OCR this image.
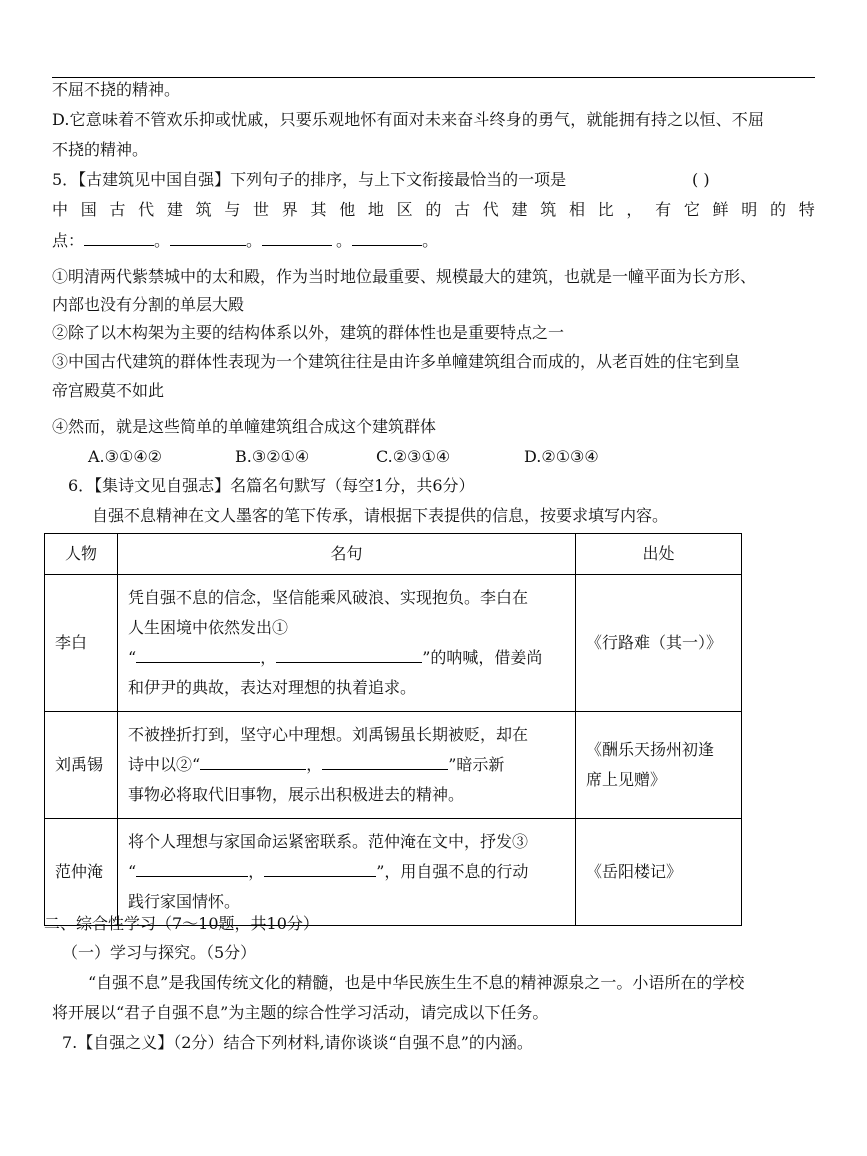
不屈不挠的精神。
D.它意味着不管欢乐抑或忧戚，只要乐观地怀有面对未来奋斗终身的勇气，就能拥有持之以恒、不屈
不挠的精神。
5．【古建筑见中国自强】下列句子的排序，与上下文衔接最恰当的一项是	( )
中 国 古 代 建 筑 与 世 界 其 他 地 区 的 古 代 建 筑 相 比 ， 有 它 鲜 明 的 特
点：	。	。	。	。
①明清两代紫禁城中的太和殿，作为当时地位最重要、规模最大的建筑，也就是一幢平面为长方形、
内部也没有分割的单层大殿
②除了以木构架为主要的结构体系以外，建筑的群体性也是重要特点之一
③中国古代建筑的群体性表现为一个建筑往往是由许多单幢建筑组合而成的，从老百姓的住宅到皇
帝宫殿莫不如此
④然而，就是这些简单的单幢建筑组合成这个建筑群体
A.③①④②	B.③②①④	C.②③①④	D.②①③④
6．【集诗文见自强志】名篇名句默写（每空1分，共6分）
自强不息精神在文人墨客的笔下传承，请根据下表提供的信息，按要求填写内容。
人物	名句	出处
李白	凭自强不息的信念，坚信能乘风破浪、实现抱负。李白在
人生困境中依然发出①
“ ， ”的呐喊，借姜尚
和伊尹的典故，表达对理想的执着追求。	《行路难（其一）》
刘禹锡	不被挫折打到，坚守心中理想。刘禹锡虽长期被贬，却在
诗中以②“ ， ”暗示新
事物必将取代旧事物，展示出积极进去的精神。	《酬乐天扬州初逢
席上见赠》

范仲淹	将个人理想与家国命运紧密联系。范仲淹在文中，抒发③
“ ， ”，用自强不息的行动
践行家国情怀。	《岳阳楼记》
二、综合性学习（7～10题，共10分）
（一）学习与探究。（5分）
“自强不息”是我国传统文化的精髓，也是中华民族生生不息的精神源泉之一。小语所在的学校
将开展以“君子自强不息”为主题的综合性学习活动，请完成以下任务。
7.【自强之义】（2分）结合下列材料,请你谈谈“自强不息”的内涵。
